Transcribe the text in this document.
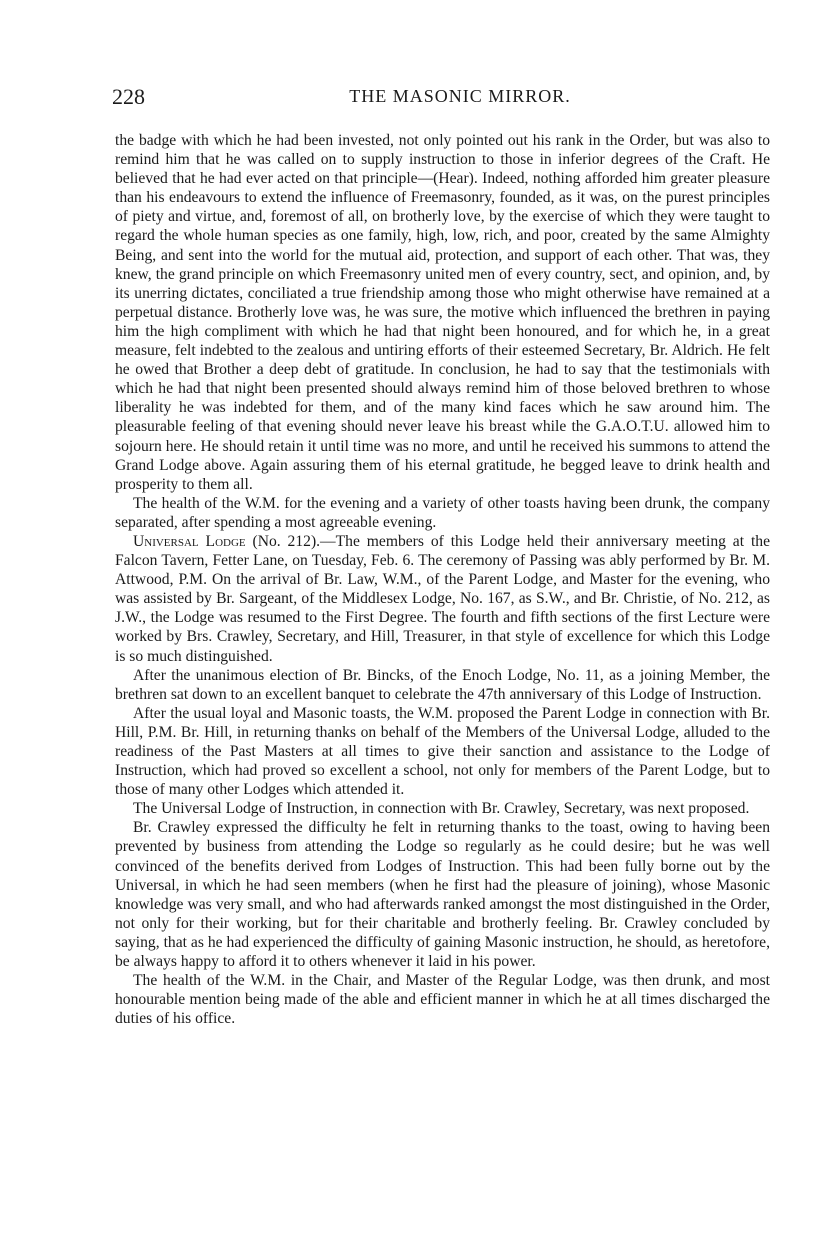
228	THE MASONIC MIRROR.

the badge with which he had been invested, not only pointed out his rank in the Order, but was also to remind him that he was called on to supply instruction to those in inferior degrees of the Craft. He believed that he had ever acted on that principle—(Hear). Indeed, nothing afforded him greater pleasure than his endeavours to extend the influence of Freemasonry, founded, as it was, on the purest principles of piety and virtue, and, foremost of all, on brotherly love, by the exercise of which they were taught to regard the whole human species as one family, high, low, rich, and poor, created by the same Almighty Being, and sent into the world for the mutual aid, protection, and support of each other. That was, they knew, the grand principle on which Freemasonry united men of every country, sect, and opinion, and, by its unerring dictates, conciliated a true friendship among those who might otherwise have remained at a perpetual distance. Brotherly love was, he was sure, the motive which influenced the brethren in paying him the high compliment with which he had that night been honoured, and for which he, in a great measure, felt indebted to the zealous and untiring efforts of their esteemed Secretary, Br. Aldrich. He felt he owed that Brother a deep debt of gratitude. In conclusion, he had to say that the testimonials with which he had that night been presented should always remind him of those beloved brethren to whose liberality he was indebted for them, and of the many kind faces which he saw around him. The pleasurable feeling of that evening should never leave his breast while the G.A.O.T.U. allowed him to sojourn here. He should retain it until time was no more, and until he received his summons to attend the Grand Lodge above. Again assuring them of his eternal gratitude, he begged leave to drink health and prosperity to them all.

The health of the W.M. for the evening and a variety of other toasts having been drunk, the company separated, after spending a most agreeable evening.

Universal Lodge (No. 212).—The members of this Lodge held their anniversary meeting at the Falcon Tavern, Fetter Lane, on Tuesday, Feb. 6. The ceremony of Passing was ably performed by Br. M. Attwood, P.M. On the arrival of Br. Law, W.M., of the Parent Lodge, and Master for the evening, who was assisted by Br. Sargeant, of the Middlesex Lodge, No. 167, as S.W., and Br. Christie, of No. 212, as J.W., the Lodge was resumed to the First Degree. The fourth and fifth sections of the first Lecture were worked by Brs. Crawley, Secretary, and Hill, Treasurer, in that style of excellence for which this Lodge is so much distinguished.

After the unanimous election of Br. Bincks, of the Enoch Lodge, No. 11, as a joining Member, the brethren sat down to an excellent banquet to celebrate the 47th anniversary of this Lodge of Instruction.

After the usual loyal and Masonic toasts, the W.M. proposed the Parent Lodge in connection with Br. Hill, P.M. Br. Hill, in returning thanks on behalf of the Members of the Universal Lodge, alluded to the readiness of the Past Masters at all times to give their sanction and assistance to the Lodge of Instruction, which had proved so excellent a school, not only for members of the Parent Lodge, but to those of many other Lodges which attended it.

The Universal Lodge of Instruction, in connection with Br. Crawley, Secretary, was next proposed.

Br. Crawley expressed the difficulty he felt in returning thanks to the toast, owing to having been prevented by business from attending the Lodge so regularly as he could desire; but he was well convinced of the benefits derived from Lodges of Instruction. This had been fully borne out by the Universal, in which he had seen members (when he first had the pleasure of joining), whose Masonic knowledge was very small, and who had afterwards ranked amongst the most distinguished in the Order, not only for their working, but for their charitable and brotherly feeling. Br. Crawley concluded by saying, that as he had experienced the difficulty of gaining Masonic instruction, he should, as heretofore, be always happy to afford it to others whenever it laid in his power.

The health of the W.M. in the Chair, and Master of the Regular Lodge, was then drunk, and most honourable mention being made of the able and efficient manner in which he at all times discharged the duties of his office.
